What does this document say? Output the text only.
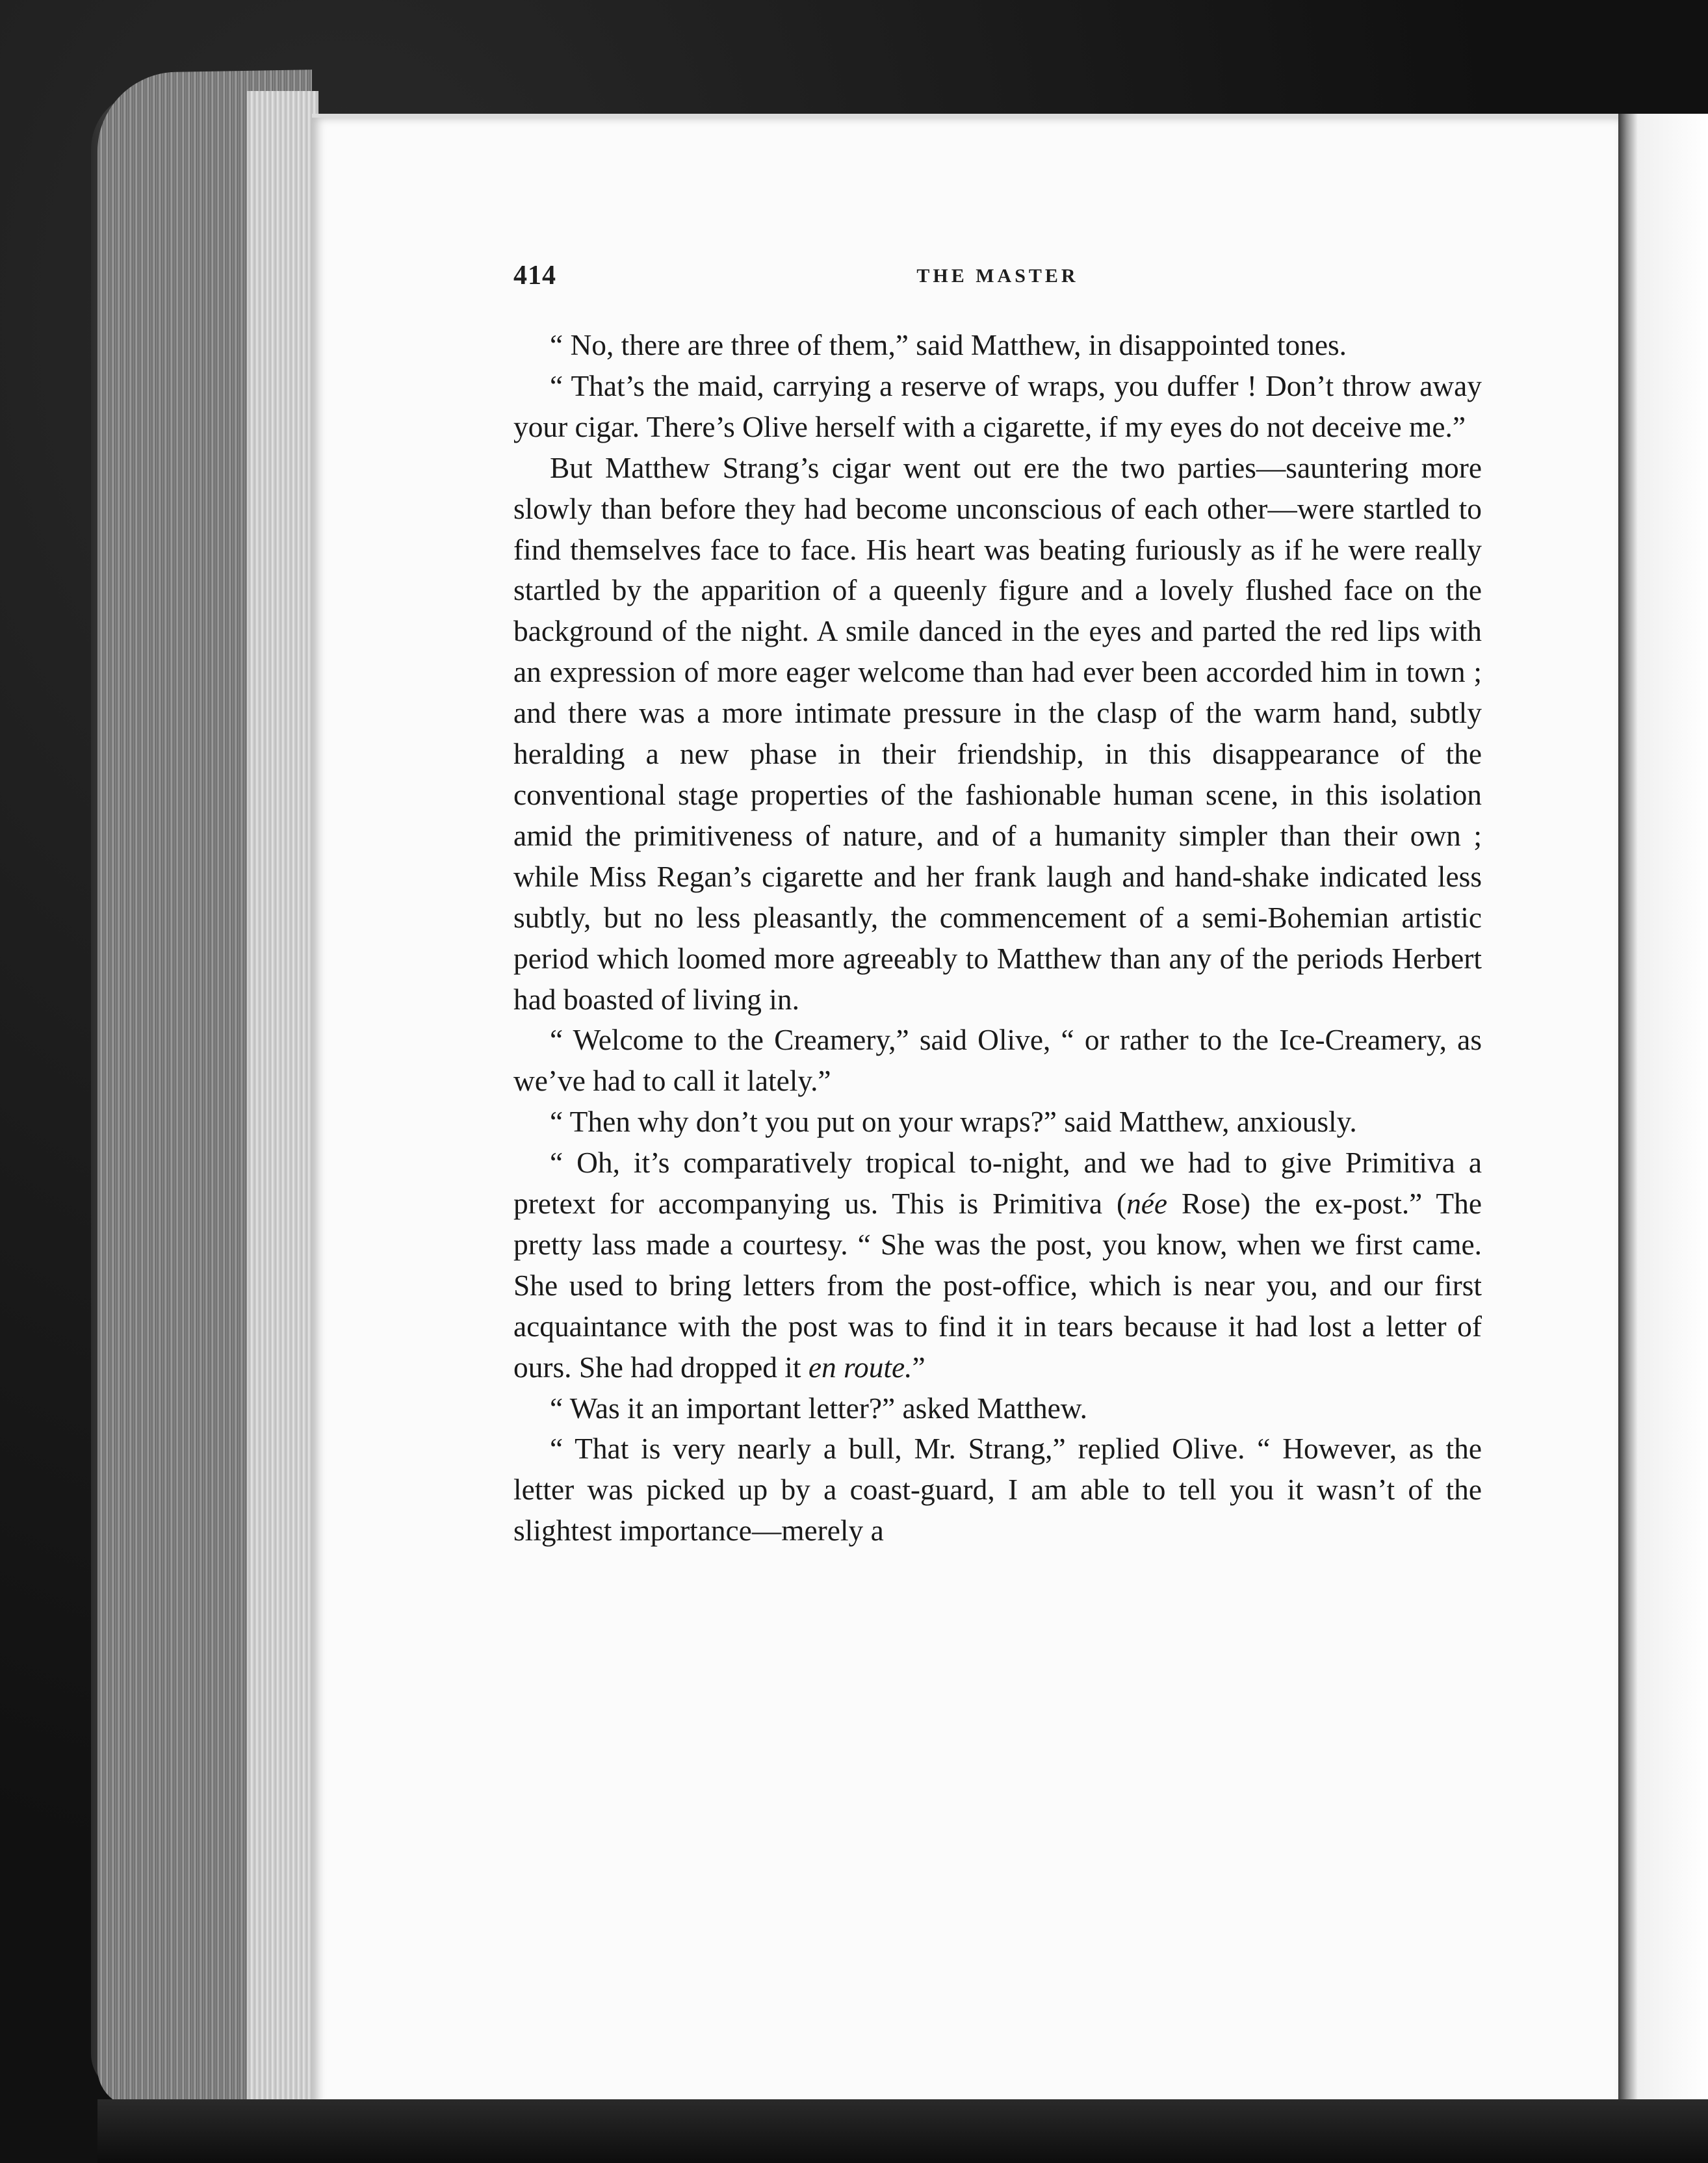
414	THE MASTER

“ No, there are three of them,” said Matthew, in disappointed tones.

“ That’s the maid, carrying a reserve of wraps, you duffer ! Don’t throw away your cigar. There’s Olive herself with a cigarette, if my eyes do not deceive me.”

But Matthew Strang’s cigar went out ere the two parties—sauntering more slowly than before they had become unconscious of each other—were startled to find themselves face to face. His heart was beating furiously as if he were really startled by the apparition of a queenly figure and a lovely flushed face on the background of the night. A smile danced in the eyes and parted the red lips with an expression of more eager welcome than had ever been accorded him in town ; and there was a more intimate pressure in the clasp of the warm hand, subtly heralding a new phase in their friendship, in this disappearance of the conventional stage properties of the fashionable human scene, in this isolation amid the primitiveness of nature, and of a humanity simpler than their own ; while Miss Regan’s cigarette and her frank laugh and hand-shake indicated less subtly, but no less pleasantly, the commencement of a semi-Bohemian artistic period which loomed more agreeably to Matthew than any of the periods Herbert had boasted of living in.

“ Welcome to the Creamery,” said Olive, “ or rather to the Ice-Creamery, as we’ve had to call it lately.”

“ Then why don’t you put on your wraps?” said Matthew, anxiously.

“ Oh, it’s comparatively tropical to-night, and we had to give Primitiva a pretext for accompanying us. This is Primitiva (née Rose) the ex-post.” The pretty lass made a courtesy. “ She was the post, you know, when we first came. She used to bring letters from the post-office, which is near you, and our first acquaintance with the post was to find it in tears because it had lost a letter of ours. She had dropped it en route.”

“ Was it an important letter?” asked Matthew.

“ That is very nearly a bull, Mr. Strang,” replied Olive. “ However, as the letter was picked up by a coast-guard, I am able to tell you it wasn’t of the slightest importance—merely a
